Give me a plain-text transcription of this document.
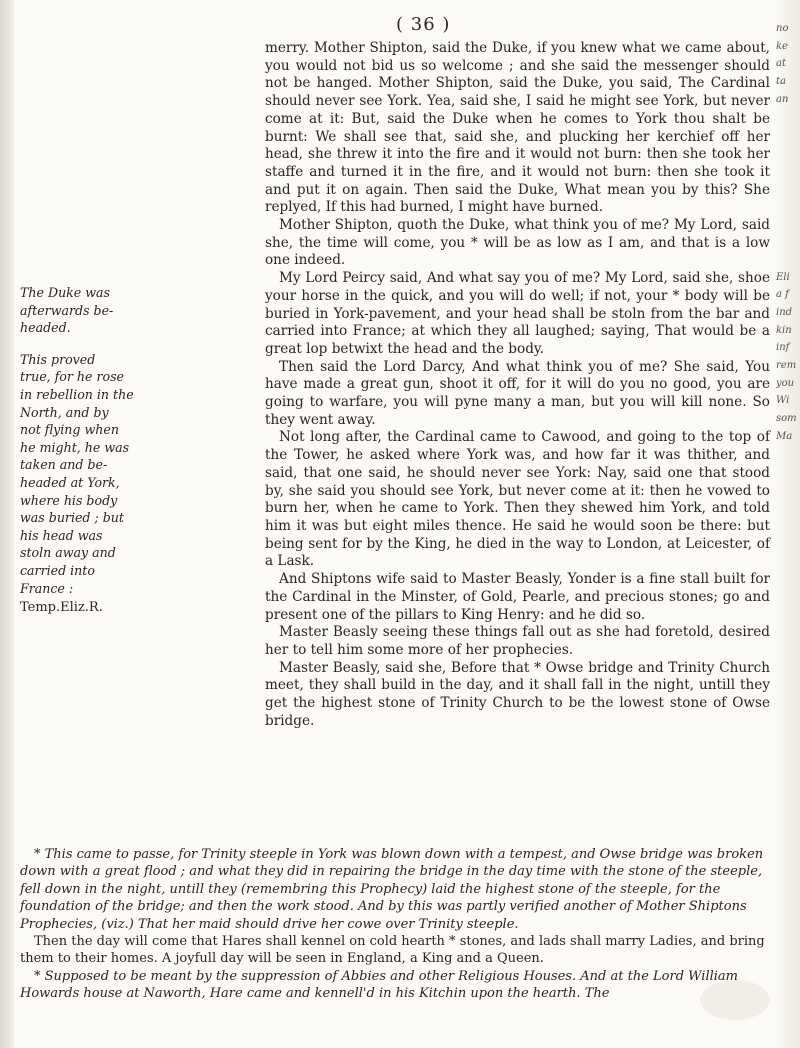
( 36 )

merry. Mother Shipton, said the Duke, if you knew what we came about, you would not bid us so welcome ; and she said the messenger should not be hanged. Mother Shipton, said the Duke, you said, The Cardinal should never see York. Yea, said she, I said he might see York, but never come at it: But, said the Duke when he comes to York thou shalt be burnt: We shall see that, said she, and plucking her kerchief off her head, she threw it into the fire and it would not burn: then she took her staffe and turned it in the fire, and it would not burn: then she took it and put it on again. Then said the Duke, What mean you by this? She replyed, If this had burned, I might have burned.

Mother Shipton, quoth the Duke, what think you of me? My Lord, said she, the time will come, you * will be as low as I am, and that is a low one indeed.

My Lord Peircy said, And what say you of me? My Lord, said she, shoe your horse in the quick, and you will do well; if not, your * body will be buried in York-pavement, and your head shall be stoln from the bar and carried into France; at which they all laughed; saying, That would be a great lop betwixt the head and the body.

Then said the Lord Darcy, And what think you of me? She said, You have made a great gun, shoot it off, for it will do you no good, you are going to warfare, you will pyne many a man, but you will kill none. So they went away.

Not long after, the Cardinal came to Cawood, and going to the top of the Tower, he asked where York was, and how far it was thither, and said, that one said, he should never see York: Nay, said one that stood by, she said you should see York, but never come at it: then he vowed to burn her, when he came to York. Then they shewed him York, and told him it was but eight miles thence. He said he would soon be there: but being sent for by the King, he died in the way to London, at Leicester, of a Lask.

And Shiptons wife said to Master Beasly, Yonder is a fine stall built for the Cardinal in the Minster, of Gold, Pearle, and precious stones; go and present one of the pillars to King Henry: and he did so.

Master Beasly seeing these things fall out as she had foretold, desired her to tell him some more of her prophecies.

Master Beasly, said she, Before that * Owse bridge and Trinity Church meet, they shall build in the day, and it shall fall in the night, untill they get the highest stone of Trinity Church to be the lowest stone of Owse bridge.

The Duke was
afterwards be-
headed.

This proved
true, for he rose
in rebellion in the
North, and by
not flying when
he might, he was
taken and be-
headed at York,
where his body
was buried ; but
his head was
stoln away and
carried into
France :

Temp.Eliz.R.

* This came to passe, for Trinity steeple in York was blown down with a tempest, and Owse bridge was broken down with a great flood ; and what they did in repairing the bridge in the day time with the stone of the steeple, fell down in the night, untill they (remembring this Prophecy) laid the highest stone of the steeple, for the foundation of the bridge; and then the work stood. And by this was partly verified another of Mother Shiptons Prophecies, (viz.) That her maid should drive her cowe over Trinity steeple.

Then the day will come that Hares shall kennel on cold hearth * stones, and lads shall marry Ladies, and bring them to their homes. A joyfull day will be seen in England, a King and a Queen.

* Supposed to be meant by the suppression of Abbies and other Religious Houses. And at the Lord William Howards house at Naworth, Hare came and kennell'd in his Kitchin upon the hearth. The

no
ke
at
ta
an
Eli
a f
ind
kin
inf
rem
you
Wi
som
Ma
